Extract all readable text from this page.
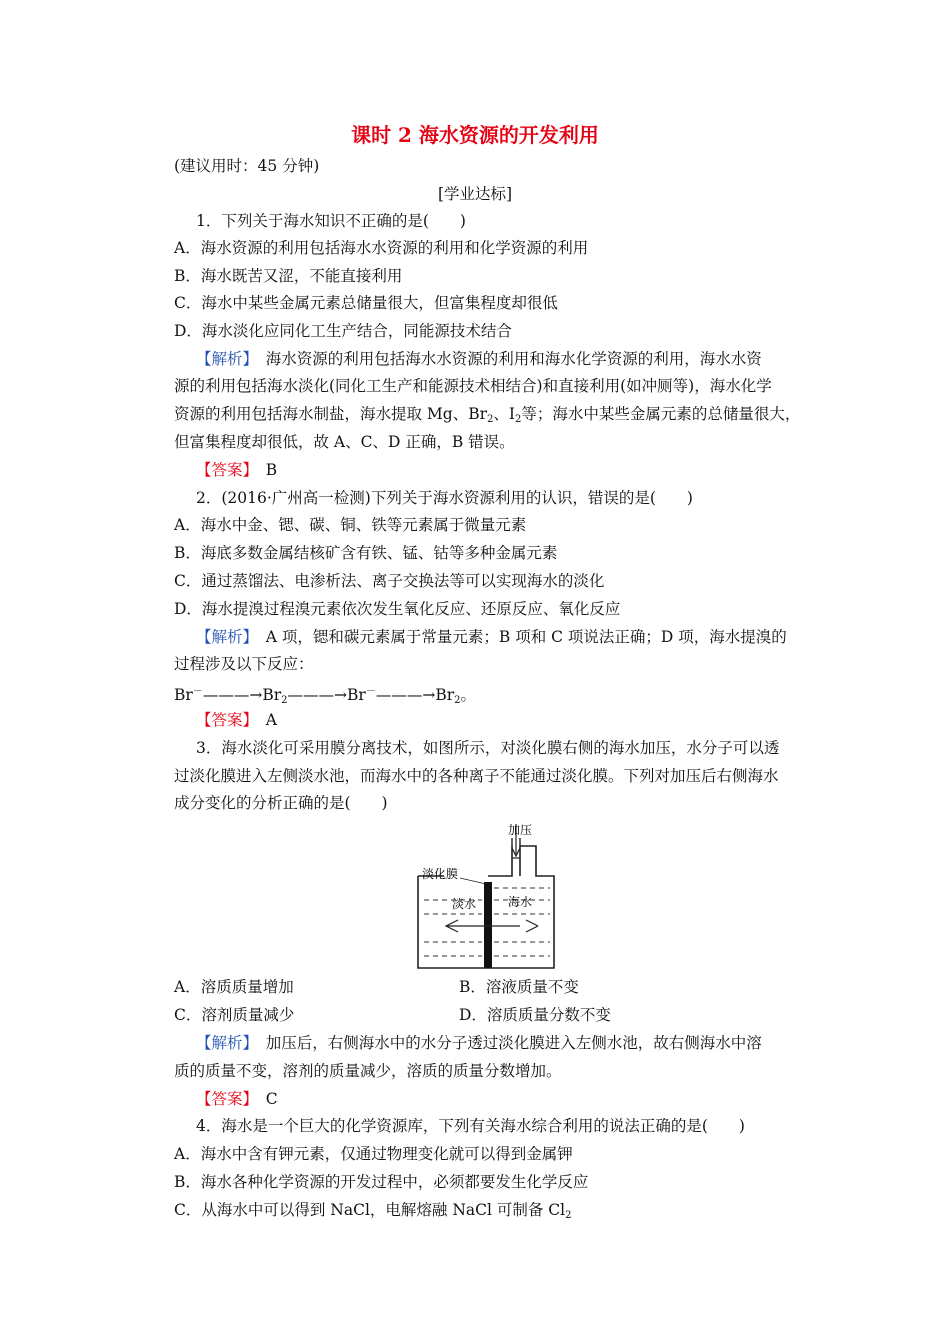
课时 2 海水资源的开发利用
(建议用时：45 分钟)
[学业达标]
1．下列关于海水知识不正确的是(　　)
A．海水资源的利用包括海水水资源的利用和化学资源的利用
B．海水既苦又涩，不能直接利用
C．海水中某些金属元素总储量很大，但富集程度却很低
D．海水淡化应同化工生产结合，同能源技术结合
【解析】　海水资源的利用包括海水水资源的利用和海水化学资源的利用，海水水资
源的利用包括海水淡化(同化工生产和能源技术相结合)和直接利用(如冲厕等)，海水化学
资源的利用包括海水制盐，海水提取 Mg、$Br_2$、$I_2$等；海水中某些金属元素的总储量很大，
但富集程度却很低，故 A、C、D 正确，B 错误。
【答案】　B
2．(2016·广州高一检测)下列关于海水资源利用的认识，错误的是(　　)
A．海水中金、锶、碳、铜、铁等元素属于微量元素
B．海底多数金属结核矿含有铁、锰、钴等多种金属元素
C．通过蒸馏法、电渗析法、离子交换法等可以实现海水的淡化
D．海水提溴过程溴元素依次发生氧化反应、还原反应、氧化反应
【解析】　A 项，锶和碳元素属于常量元素；B 项和 C 项说法正确；D 项，海水提溴的
过程涉及以下反应：
$Br^-———\to Br_2———\to Br^-———\to Br_2$。
【答案】　A
3．海水淡化可采用膜分离技术，如图所示，对淡化膜右侧的海水加压，水分子可以透
过淡化膜进入左侧淡水池，而海水中的各种离子不能通过淡化膜。下列对加压后右侧海水
成分变化的分析正确的是(　　)
加压
淡化膜
淡水	海水
A．溶质质量增加	B．溶液质量不变
C．溶剂质量减少	D．溶质质量分数不变
【解析】　加压后，右侧海水中的水分子透过淡化膜进入左侧水池，故右侧海水中溶
质的质量不变，溶剂的质量减少，溶质的质量分数增加。
【答案】　C
4．海水是一个巨大的化学资源库，下列有关海水综合利用的说法正确的是(　　)
A．海水中含有钾元素，仅通过物理变化就可以得到金属钾
B．海水各种化学资源的开发过程中，必须都要发生化学反应
C．从海水中可以得到 NaCl，电解熔融 NaCl 可制备 $Cl_2$
